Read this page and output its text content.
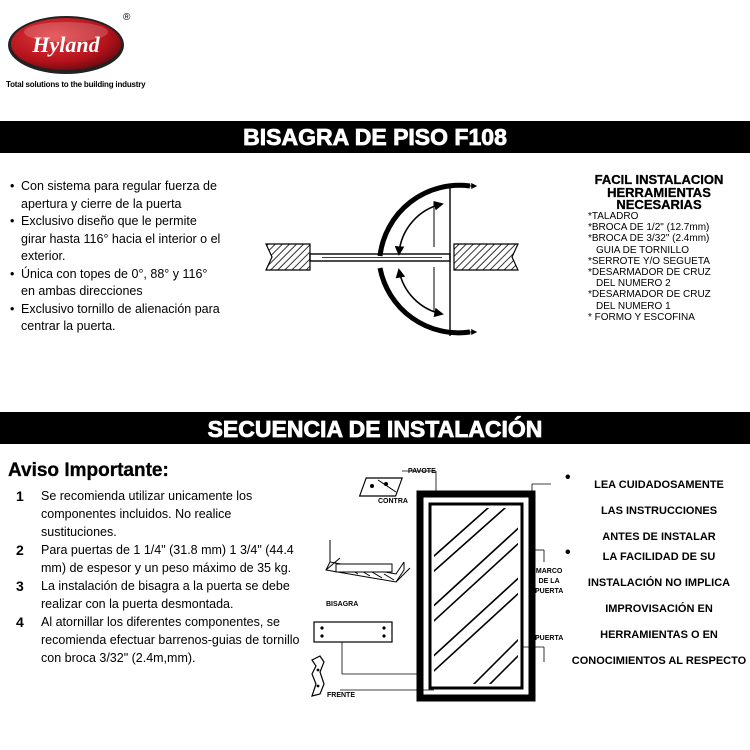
Hyland
®
Total solutions to the building industry
BISAGRA DE PISO F108
• Con sistema para regular fuerza de apertura y cierre de la puerta
• Exclusivo diseño que le permite girar hasta 116° hacia el interior o el exterior.
• Única con topes de 0°, 88° y 116° en ambas direcciones
• Exclusivo tornillo de alienación para centrar la puerta.
FACIL INSTALACION
HERRAMIENTAS
NECESARIAS
*TALADRO
*BROCA DE 1/2" (12.7mm)
*BROCA DE 3/32" (2.4mm)
GUIA DE TORNILLO
*SERROTE Y/O SEGUETA
*DESARMADOR DE CRUZ
DEL NUMERO 2
*DESARMADOR DE CRUZ
DEL NUMERO 1
* FORMO Y ESCOFINA
SECUENCIA DE INSTALACIÓN
Aviso Importante:
1 Se recomienda utilizar unicamente los componentes incluidos. No realice sustituciones.
2 Para puertas de 1 1/4" (31.8 mm) 1 3/4" (44.4 mm) de espesor y un peso máximo de 35 kg.
3 La instalación de bisagra a la puerta se debe realizar con la puerta desmontada.
4 Al atornillar los diferentes componentes, se recomienda efectuar barrenos-guias de tornillo con broca 3/32" (2.4m,mm).
PAVOTE
CONTRA
MARCO
DE LA
PUERTA
PUERTA
BISAGRA
FRENTE
•	LEA CUIDADOSAMENTE
LAS INSTRUCCIONES
ANTES DE INSTALAR
•	LA FACILIDAD DE SU
INSTALACIÓN NO IMPLICA
IMPROVISACIÓN EN
HERRAMIENTAS O EN
CONOCIMIENTOS AL RESPECTO
